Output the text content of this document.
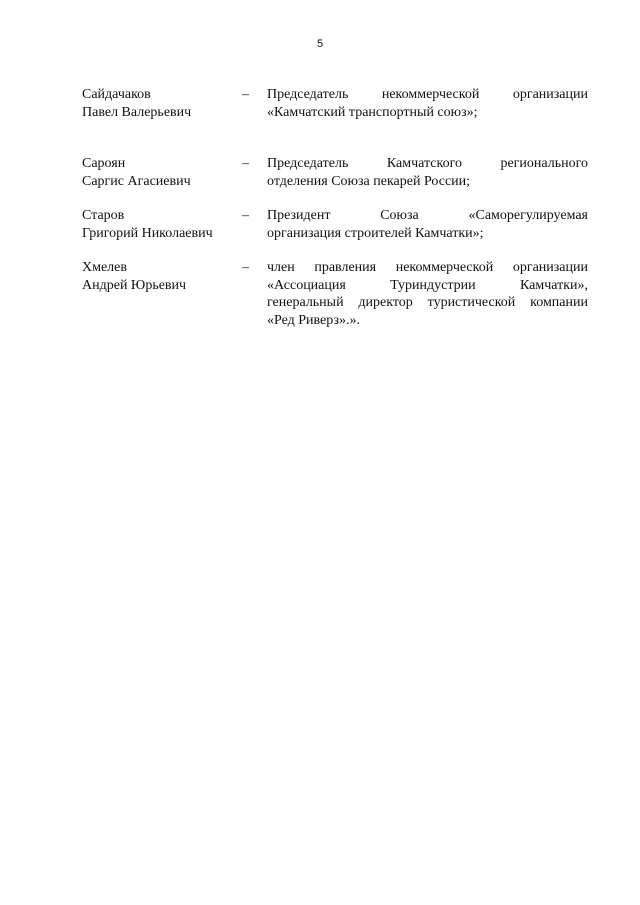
5
Сайдачаков
Павел Валерьевич
–	Председатель некоммерческой организации
«Камчатский транспортный союз»;
Сароян
Саргис Агасиевич
–	Председатель Камчатского регионального
отделения Союза пекарей России;
Старов
Григорий Николаевич
–	Президент Союза «Саморегулируемая
организация строителей Камчатки»;
Хмелев
Андрей Юрьевич
–	член правления некоммерческой организации
«Ассоциация Туриндустрии Камчатки»,
генеральный директор туристической компании
«Ред Риверз».».
